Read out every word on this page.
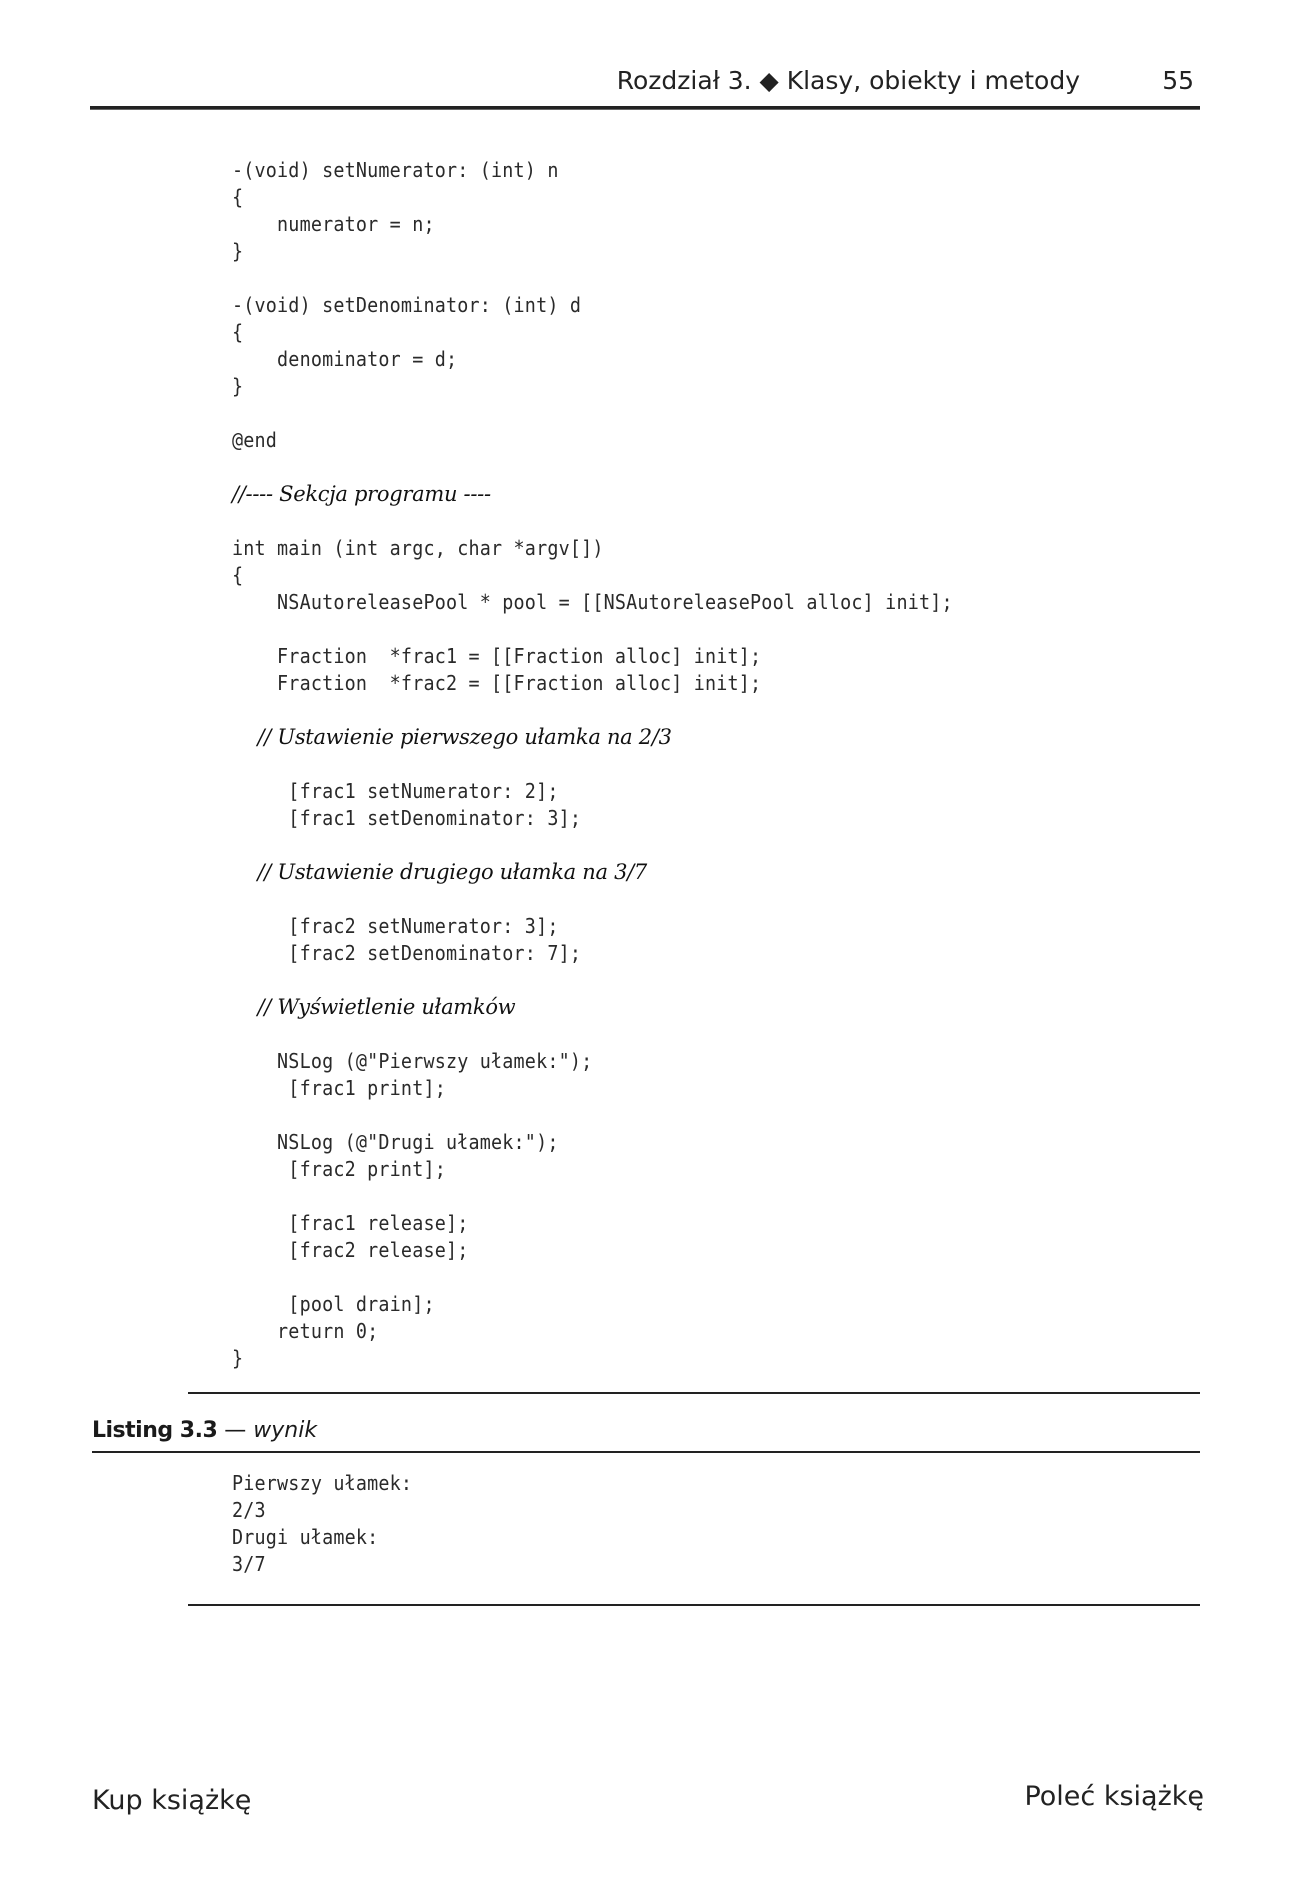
Rozdział 3. ◆ Klasy, obiekty i metody	55
-(void) setNumerator: (int) n
{
numerator = n;
}
-(void) setDenominator: (int) d
{
denominator = d;
}
@end
//---- Sekcja programu ----
int main (int argc, char *argv[])
{
NSAutoreleasePool * pool = [[NSAutoreleasePool alloc] init];
Fraction  *frac1 = [[Fraction alloc] init];
Fraction  *frac2 = [[Fraction alloc] init];
// Ustawienie pierwszego ułamka na 2/3
[frac1 setNumerator: 2];
[frac1 setDenominator: 3];
// Ustawienie drugiego ułamka na 3/7
[frac2 setNumerator: 3];
[frac2 setDenominator: 7];
// Wyświetlenie ułamków
NSLog (@"Pierwszy ułamek:");
[frac1 print];
NSLog (@"Drugi ułamek:");
[frac2 print];
[frac1 release];
[frac2 release];
[pool drain];
return 0;
}
Listing 3.3 — wynik
Pierwszy ułamek:
2/3
Drugi ułamek:
3/7
Kup książkę	Poleć książkę
